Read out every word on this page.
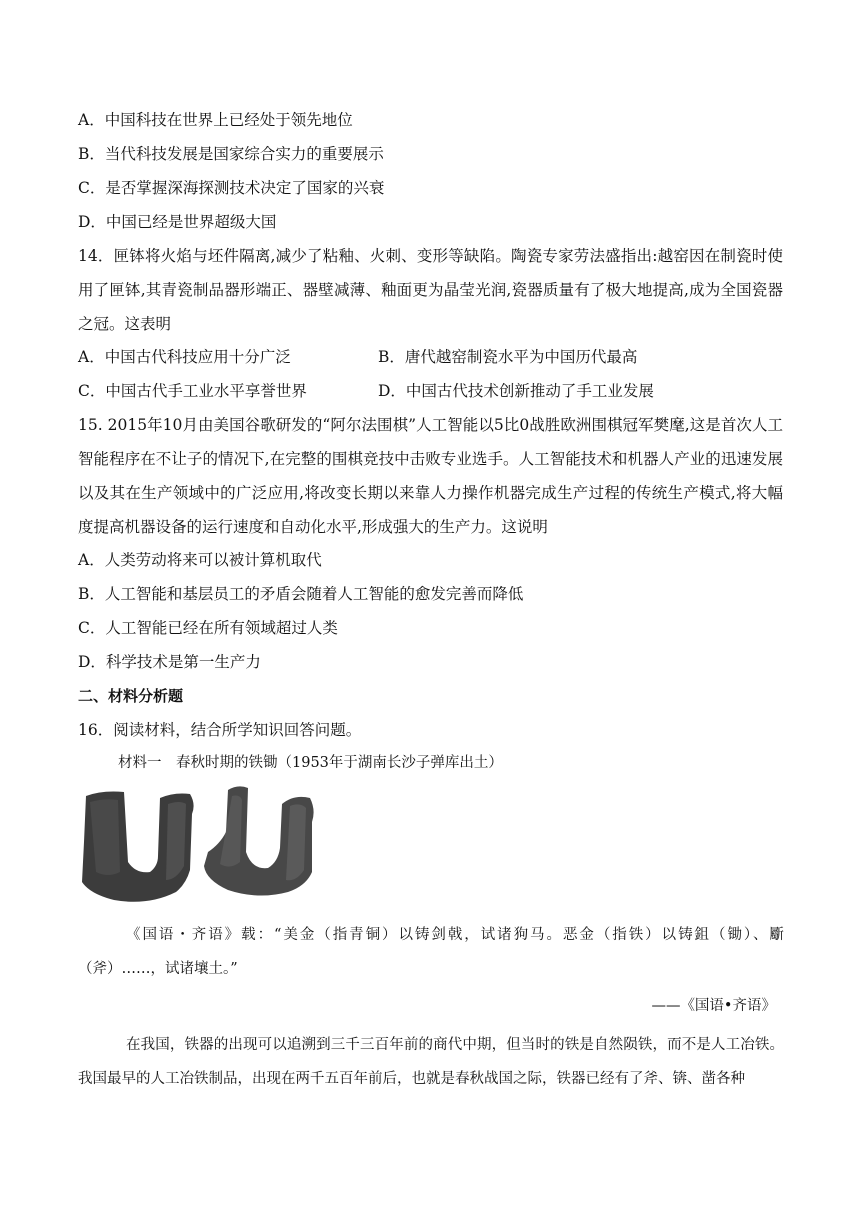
A．中国科技在世界上已经处于领先地位
B．当代科技发展是国家综合实力的重要展示
C．是否掌握深海探测技术决定了国家的兴衰
D．中国已经是世界超级大国
14．匣钵将火焰与坯件隔离,减少了粘釉、火刺、变形等缺陷。陶瓷专家劳法盛指出:越窑因在制瓷时使用了匣钵,其青瓷制品器形端正、器壁减薄、釉面更为晶莹光润,瓷器质量有了极大地提高,成为全国瓷器之冠。这表明
A．中国古代科技应用十分广泛	B．唐代越窑制瓷水平为中国历代最高
C．中国古代手工业水平享誉世界	D．中国古代技术创新推动了手工业发展
15. 2015年10月由美国谷歌研发的“阿尔法围棋”人工智能以5比0战胜欧洲围棋冠军樊麾,这是首次人工智能程序在不让子的情况下,在完整的围棋竞技中击败专业选手。人工智能技术和机器人产业的迅速发展以及其在生产领域中的广泛应用,将改变长期以来靠人力操作机器完成生产过程的传统生产模式,将大幅度提高机器设备的运行速度和自动化水平,形成强大的生产力。这说明
A．人类劳动将来可以被计算机取代
B．人工智能和基层员工的矛盾会随着人工智能的愈发完善而降低
C．人工智能已经在所有领域超过人类
D．科学技术是第一生产力
二、材料分析题
16．阅读材料，结合所学知识回答问题。
材料一　春秋时期的铁锄（1953年于湖南长沙子弹库出土）
《国语・齐语》载：“美金（指青铜）以铸剑戟，试诸狗马。恶金（指铁）以铸鉏（锄）、斸（斧）……，试诸壤土。”
——《国语•齐语》
在我国，铁器的出现可以追溯到三千三百年前的商代中期，但当时的铁是自然陨铁，而不是人工冶铁。我国最早的人工冶铁制品，出现在两千五百年前后，也就是春秋战国之际，铁器已经有了斧、锛、凿各种
